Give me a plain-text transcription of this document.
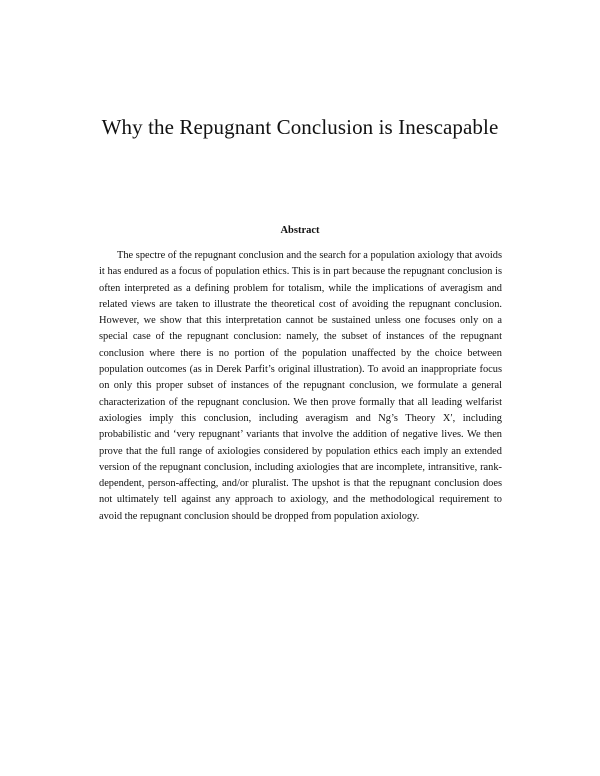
Why the Repugnant Conclusion is Inescapable
Abstract

The spectre of the repugnant conclusion and the search for a population axiology that avoids it has endured as a focus of population ethics. This is in part because the repugnant conclusion is often interpreted as a defining problem for totalism, while the implications of averagism and related views are taken to illustrate the theoretical cost of avoiding the repugnant conclusion. However, we show that this interpretation cannot be sustained unless one focuses only on a special case of the repugnant conclusion: namely, the subset of instances of the repugnant conclusion where there is no portion of the population unaffected by the choice between population outcomes (as in Derek Parfit’s original illustration). To avoid an inappropriate focus on only this proper subset of instances of the repugnant conclusion, we formulate a general characterization of the repugnant conclusion. We then prove formally that all leading welfarist axiologies imply this conclusion, including averagism and Ng’s Theory X′, including probabilistic and ‘very repugnant’ variants that involve the addition of negative lives. We then prove that the full range of axiologies considered by population ethics each imply an extended version of the repugnant conclusion, including axiologies that are incomplete, intransitive, rank-dependent, person-affecting, and/or pluralist. The upshot is that the repugnant conclusion does not ultimately tell against any approach to axiology, and the methodological requirement to avoid the repugnant conclusion should be dropped from population axiology.
